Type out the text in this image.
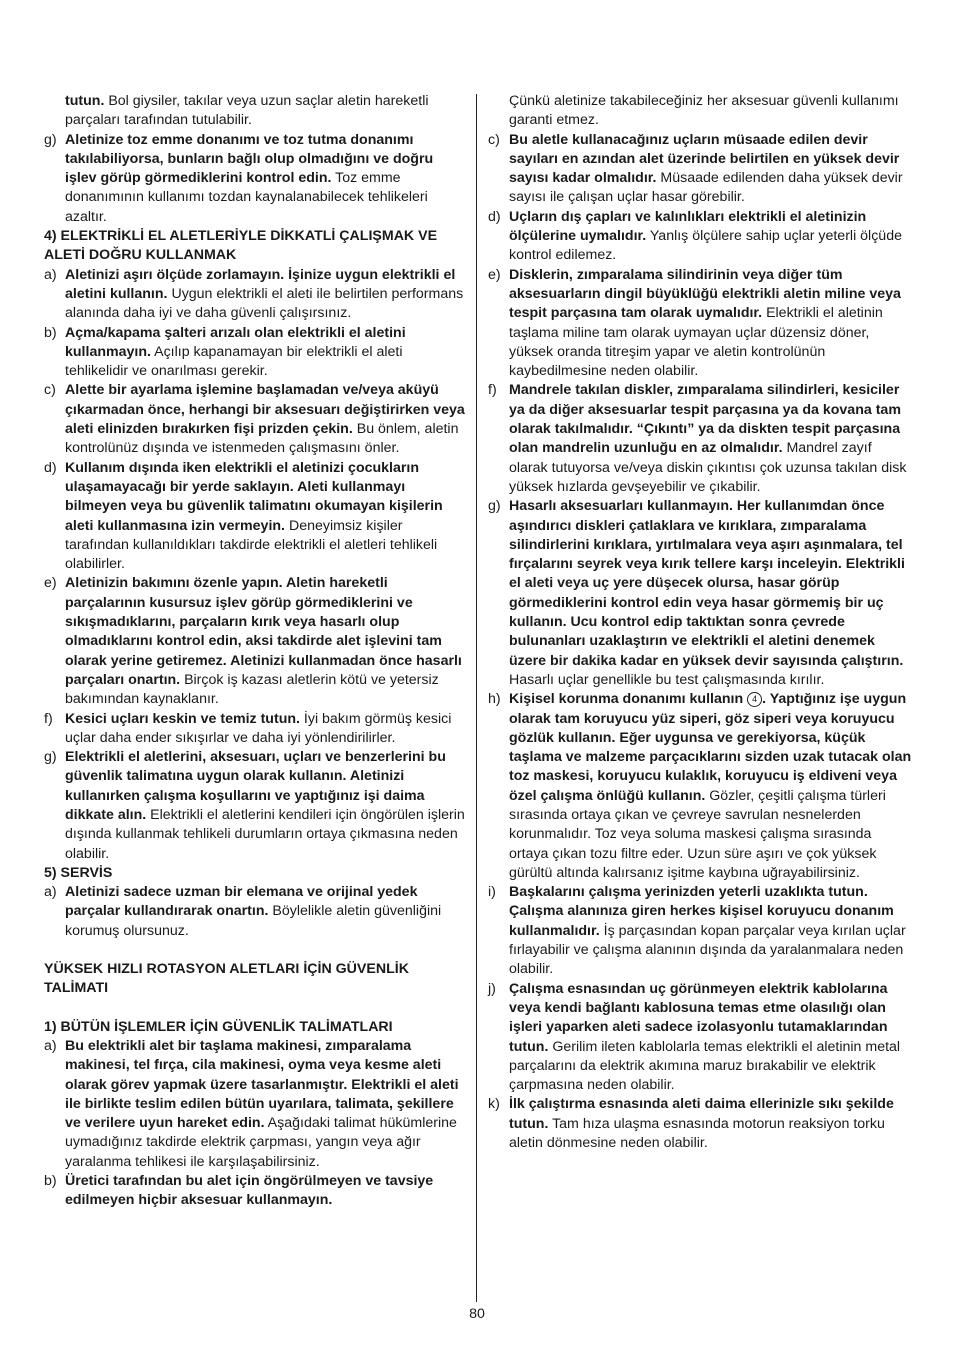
tutun. Bol giysiler, takılar veya uzun saçlar aletin hareketli parçaları tarafından tutulabilir.

g) Aletinize toz emme donanımı ve toz tutma donanımı takılabiliyorsa, bunların bağlı olup olmadığını ve doğru işlev görüp görmediklerini kontrol edin. Toz emme donanımının kullanımı tozdan kaynalanabilecek tehlikeleri azaltır.

4) ELEKTRİKLİ EL ALETLERİYLE DİKKATLİ ÇALIŞMAK VE ALETİ DOĞRU KULLANMAK

a) Aletinizi aşırı ölçüde zorlamayın. İşinize uygun elektrikli el aletini kullanın. Uygun elektrikli el aleti ile belirtilen performans alanında daha iyi ve daha güvenli çalışırsınız.

b) Açma/kapama şalteri arızalı olan elektrikli el aletini kullanmayın. Açılıp kapanamayan bir elektrikli el aleti tehlikelidir ve onarılması gerekir.

c) Alette bir ayarlama işlemine başlamadan ve/veya aküyü çıkarmadan önce, herhangi bir aksesuarı değiştirirken veya aleti elinizden bırakırken fişi prizden çekin. Bu önlem, aletin kontrolünüz dışında ve istenmeden çalışmasını önler.

d) Kullanım dışında iken elektrikli el aletinizi çocukların ulaşamayacağı bir yerde saklayın. Aleti kullanmayı bilmeyen veya bu güvenlik talimatını okumayan kişilerin aleti kullanmasına izin vermeyin. Deneyimsiz kişiler tarafından kullanıldıkları takdirde elektrikli el aletleri tehlikeli olabilirler.

e) Aletinizin bakımını özenle yapın. Aletin hareketli parçalarının kusursuz işlev görüp görmediklerini ve sıkışmadıklarını, parçaların kırık veya hasarlı olup olmadıklarını kontrol edin, aksi takdirde alet işlevini tam olarak yerine getiremez. Aletinizi kullanmadan önce hasarlı parçaları onartın. Birçok iş kazası aletlerin kötü ve yetersiz bakımından kaynaklanır.

f) Kesici uçları keskin ve temiz tutun. İyi bakım görmüş kesici uçlar daha ender sıkışırlar ve daha iyi yönlendirilirler.

g) Elektrikli el aletlerini, aksesuarı, uçları ve benzerlerini bu güvenlik talimatına uygun olarak kullanın. Aletinizi kullanırken çalışma koşullarını ve yaptığınız işi daima dikkate alın. Elektrikli el aletlerini kendileri için öngörülen işlerin dışında kullanmak tehlikeli durumların ortaya çıkmasına neden olabilir.

5) SERVİS

a) Aletinizi sadece uzman bir elemana ve orijinal yedek parçalar kullandırarak onartın. Böylelikle aletin güvenliğini korumuş olursunuz.

YÜKSEK HIZLI ROTASYON ALETLARI İÇİN GÜVENLİK TALİMATI

1) BÜTÜN İŞLEMLER İÇİN GÜVENLİK TALİMATLARI

a) Bu elektrikli alet bir taşlama makinesi, zımparalama makinesi, tel fırça, cila makinesi, oyma veya kesme aleti olarak görev yapmak üzere tasarlanmıştır. Elektrikli el aleti ile birlikte teslim edilen bütün uyarılara, talimata, şekillere ve verilere uyun hareket edin. Aşağıdaki talimat hükümlerine uymadığınız takdirde elektrik çarpması, yangın veya ağır yaralanma tehlikesi ile karşılaşabilirsiniz.

b) Üretici tarafından bu alet için öngörülmeyen ve tavsiye edilmeyen hiçbir aksesuar kullanmayın.

Çünkü aletinize takabileceğiniz her aksesuar güvenli kullanımı garanti etmez.

c) Bu aletle kullanacağınız uçların müsaade edilen devir sayıları en azından alet üzerinde belirtilen en yüksek devir sayısı kadar olmalıdır. Müsaade edilenden daha yüksek devir sayısı ile çalışan uçlar hasar görebilir.

d) Uçların dış çapları ve kalınlıkları elektrikli el aletinizin ölçülerine uymalıdır. Yanlış ölçülere sahip uçlar yeterli ölçüde kontrol edilemez.

e) Disklerin, zımparalama silindirinin veya diğer tüm aksesuarların dingil büyüklüğü elektrikli aletin miline veya tespit parçasına tam olarak uymalıdır. Elektrikli el aletinin taşlama miline tam olarak uymayan uçlar düzensiz döner, yüksek oranda titreşim yapar ve aletin kontrolünün kaybedilmesine neden olabilir.

f) Mandrele takılan diskler, zımparalama silindirleri, kesiciler ya da diğer aksesuarlar tespit parçasına ya da kovana tam olarak takılmalıdır. “Çıkıntı” ya da diskten tespit parçasına olan mandrelin uzunluğu en az olmalıdır. Mandrel zayıf olarak tutuyorsa ve/veya diskin çıkıntısı çok uzunsa takılan disk yüksek hızlarda gevşeyebilir ve çıkabilir.

g) Hasarlı aksesuarları kullanmayın. Her kullanımdan önce aşındırıcı diskleri çatlaklara ve kırıklara, zımparalama silindirlerini kırıklara, yırtılmalara veya aşırı aşınmalara, tel fırçalarını seyrek veya kırık tellere karşı inceleyin. Elektrikli el aleti veya uç yere düşecek olursa, hasar görüp görmediklerini kontrol edin veya hasar görmemiş bir uç kullanın. Ucu kontrol edip taktıktan sonra çevrede bulunanları uzaklaştırın ve elektrikli el aletini denemek üzere bir dakika kadar en yüksek devir sayısında çalıştırın. Hasarlı uçlar genellikle bu test çalışmasında kırılır.

h) Kişisel korunma donanımı kullanın 4 . Yaptığınız işe uygun olarak tam koruyucu yüz siperi, göz siperi veya koruyucu gözlük kullanın. Eğer uygunsa ve gerekiyorsa, küçük taşlama ve malzeme parçacıklarını sizden uzak tutacak olan toz maskesi, koruyucu kulaklık, koruyucu iş eldiveni veya özel çalışma önlüğü kullanın. Gözler, çeşitli çalışma türleri sırasında ortaya çıkan ve çevreye savrulan nesnelerden korunmalıdır. Toz veya soluma maskesi çalışma sırasında ortaya çıkan tozu filtre eder. Uzun süre aşırı ve çok yüksek gürültü altında kalırsanız işitme kaybına uğrayabilirsiniz.

i) Başkalarını çalışma yerinizden yeterli uzaklıkta tutun. Çalışma alanınıza giren herkes kişisel koruyucu donanım kullanmalıdır. İş parçasından kopan parçalar veya kırılan uçlar fırlayabilir ve çalışma alanının dışında da yaralanmalara neden olabilir.

j) Çalışma esnasından uç görünmeyen elektrik kablolarına veya kendi bağlantı kablosuna temas etme olasılığı olan işleri yaparken aleti sadece izolasyonlu tutamaklarından tutun. Gerilim ileten kablolarla temas elektrikli el aletinin metal parçalarını da elektrik akımına maruz bırakabilir ve elektrik çarpmasına neden olabilir.

k) İlk çalıştırma esnasında aleti daima ellerinizle sıkı şekilde tutun. Tam hıza ulaşma esnasında motorun reaksiyon torku aletin dönmesine neden olabilir.

80
